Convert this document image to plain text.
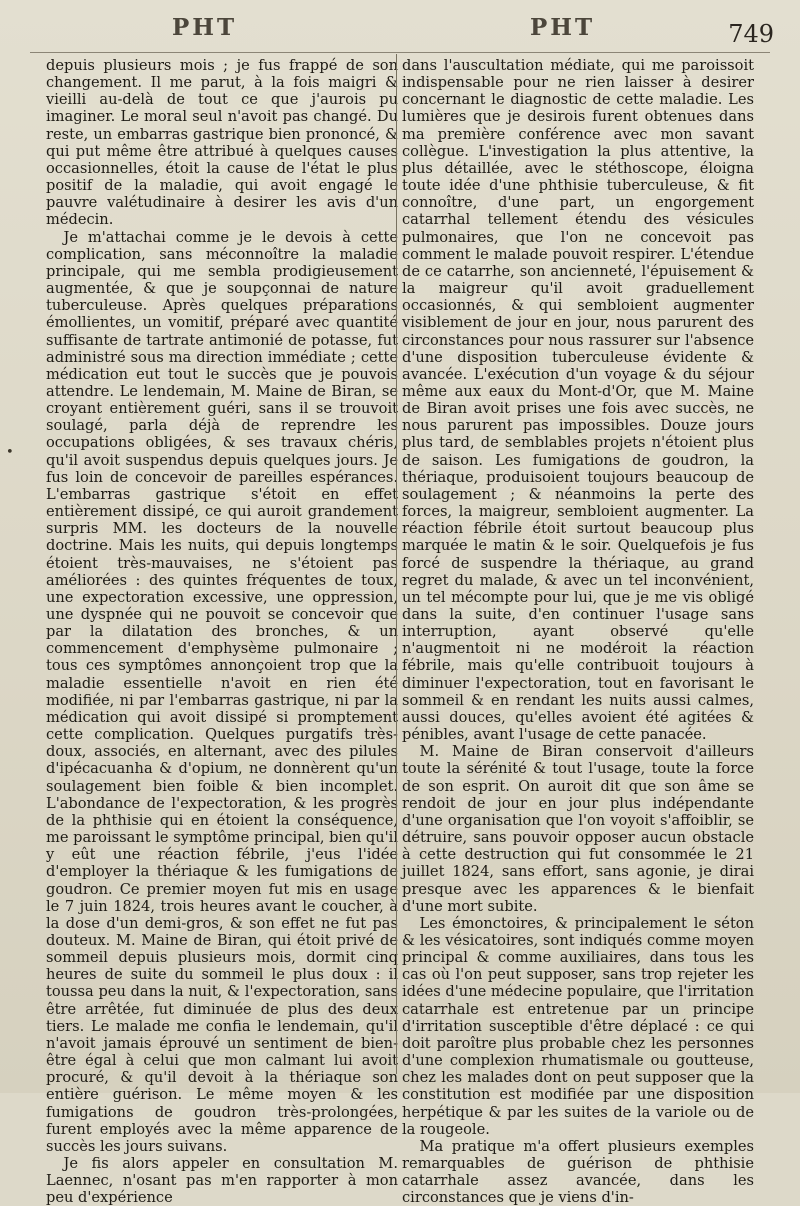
PHT	PHT	749
•

depuis plusieurs mois ; je fus frappé de son changement. Il me parut, à la fois maigri & vieilli au-delà de tout ce que j'aurois pu imaginer. Le moral seul n'avoit pas changé. Du reste, un embarras gastrique bien prononcé, & qui put même être attribué à quelques causes occasionnelles, étoit la cause de l'état le plus positif de la maladie, qui avoit engagé le pauvre valétudinaire à desirer les avis d'un médecin.

Je m'attachai comme je le devois à cette complication, sans méconnoître la maladie principale, qui me sembla prodigieusement augmentée, & que je soupçonnai de nature tuberculeuse. Après quelques préparations émollientes, un vomitif, préparé avec quantité suffisante de tartrate antimonié de potasse, fut administré sous ma direction immédiate ; cette médication eut tout le succès que je pouvois attendre. Le lendemain, M. Maine de Biran, se croyant entièrement guéri, sans il se trouvoit soulagé, parla déjà de reprendre les occupations obligées, & ses travaux chéris, qu'il avoit suspendus depuis quelques jours. Je fus loin de concevoir de pareilles espérances. L'embarras gastrique s'étoit en effet entièrement dissipé, ce qui auroit grandement surpris MM. les docteurs de la nouvelle doctrine. Mais les nuits, qui depuis longtemps étoient très-mauvaises, ne s'étoient pas améliorées : des quintes fréquentes de toux, une expectoration excessive, une oppression, une dyspnée qui ne pouvoit se concevoir que par la dilatation des bronches, & un commencement d'emphysème pulmonaire ; tous ces symptômes annonçoient trop que la maladie essentielle n'avoit en rien été modifiée, ni par l'embarras gastrique, ni par la médication qui avoit dissipé si promptement cette complication. Quelques purgatifs très-doux, associés, en alternant, avec des pilules d'ipécacuanha & d'opium, ne donnèrent qu'un soulagement bien foible & bien incomplet. L'abondance de l'expectoration, & les progrès de la phthisie qui en étoient la conséquence, me paroissant le symptôme principal, bien qu'il y eût une réaction fébrile, j'eus l'idée d'employer la thériaque & les fumigations de goudron. Ce premier moyen fut mis en usage le 7 juin 1824, trois heures avant le coucher, à la dose d'un demi-gros, & son effet ne fut pas douteux. M. Maine de Biran, qui étoit privé de sommeil depuis plusieurs mois, dormit cinq heures de suite du sommeil le plus doux : il toussa peu dans la nuit, & l'expectoration, sans être arrêtée, fut diminuée de plus des deux tiers. Le malade me confia le lendemain, qu'il n'avoit jamais éprouvé un sentiment de bien-être égal à celui que mon calmant lui avoit procuré, & qu'il devoit à la thériaque son entière guérison. Le même moyen & les fumigations de goudron très-prolongées, furent employés avec la même apparence de succès les jours suivans.

Je fis alors appeler en consultation M. Laennec, n'osant pas m'en rapporter à mon peu d'expérience

dans l'auscultation médiate, qui me paroissoit indispensable pour ne rien laisser à desirer concernant le diagnostic de cette maladie. Les lumières que je desirois furent obtenues dans ma première conférence avec mon savant collègue. L'investigation la plus attentive, la plus détaillée, avec le stéthoscope, éloigna toute idée d'une phthisie tuberculeuse, & fit connoître, d'une part, un engorgement catarrhal tellement étendu des vésicules pulmonaires, que l'on ne concevoit pas comment le malade pouvoit respirer. L'étendue de ce catarrhe, son ancienneté, l'épuisement & la maigreur qu'il avoit graduellement occasionnés, & qui sembloient augmenter visiblement de jour en jour, nous parurent des circonstances pour nous rassurer sur l'absence d'une disposition tuberculeuse évidente & avancée. L'exécution d'un voyage & du séjour même aux eaux du Mont-d'Or, que M. Maine de Biran avoit prises une fois avec succès, ne nous parurent pas impossibles. Douze jours plus tard, de semblables projets n'étoient plus de saison. Les fumigations de goudron, la thériaque, produisoient toujours beaucoup de soulagement ; & néanmoins la perte des forces, la maigreur, sembloient augmenter. La réaction fébrile étoit surtout beaucoup plus marquée le matin & le soir. Quelquefois je fus forcé de suspendre la thériaque, au grand regret du malade, & avec un tel inconvénient, un tel mécompte pour lui, que je me vis obligé dans la suite, d'en continuer l'usage sans interruption, ayant observé qu'elle n'augmentoit ni ne modéroit la réaction fébrile, mais qu'elle contribuoit toujours à diminuer l'expectoration, tout en favorisant le sommeil & en rendant les nuits aussi calmes, aussi douces, qu'elles avoient été agitées & pénibles, avant l'usage de cette panacée.

M. Maine de Biran conservoit d'ailleurs toute la sérénité & tout l'usage, toute la force de son esprit. On auroit dit que son âme se rendoit de jour en jour plus indépendante d'une organisation que l'on voyoit s'affoiblir, se détruire, sans pouvoir opposer aucun obstacle à cette destruction qui fut consommée le 21 juillet 1824, sans effort, sans agonie, je dirai presque avec les apparences & le bienfait d'une mort subite.

Les émonctoires, & principalement le séton & les vésicatoires, sont indiqués comme moyen principal & comme auxiliaires, dans tous les cas où l'on peut supposer, sans trop rejeter les idées d'une médecine populaire, que l'irritation catarrhale est entretenue par un principe d'irritation susceptible d'être déplacé : ce qui doit paroître plus probable chez les personnes d'une complexion rhumatismale ou goutteuse, chez les malades dont on peut supposer que la constitution est modifiée par une disposition herpétique & par les suites de la variole ou de la rougeole.

Ma pratique m'a offert plusieurs exemples remarquables de guérison de phthisie catarrhale assez avancée, dans les circonstances que je viens d'in-
